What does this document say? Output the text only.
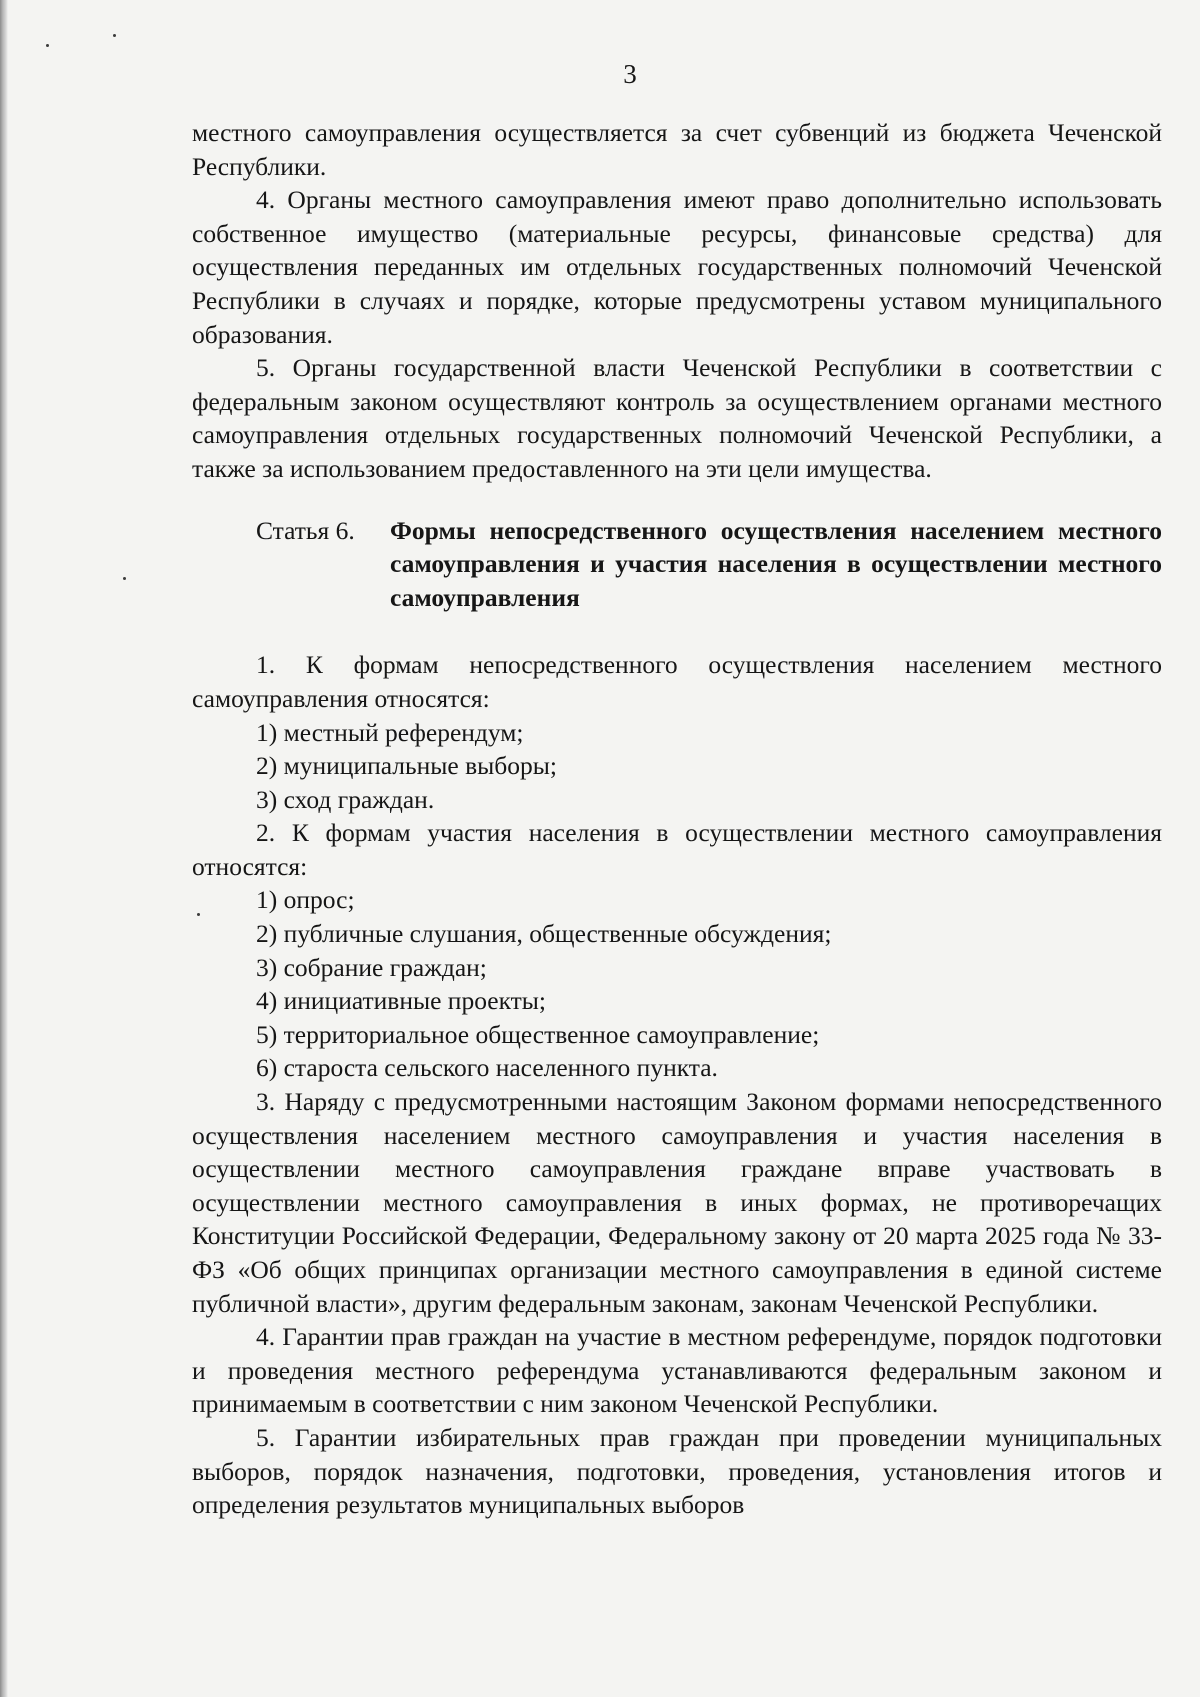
3

местного самоуправления осуществляется за счет субвенций из бюджета Чеченской Республики.

4. Органы местного самоуправления имеют право дополнительно использовать собственное имущество (материальные ресурсы, финансовые средства) для осуществления переданных им отдельных государственных полномочий Чеченской Республики в случаях и порядке, которые предусмотрены уставом муниципального образования.

5. Органы государственной власти Чеченской Республики в соответствии с федеральным законом осуществляют контроль за осуществлением органами местного самоуправления отдельных государственных полномочий Чеченской Республики, а также за использованием предоставленного на эти цели имущества.

Статья 6.	Формы непосредственного осуществления населением местного самоуправления и участия населения в осуществлении местного самоуправления

1. К формам непосредственного осуществления населением местного самоуправления относятся:

1) местный референдум;

2) муниципальные выборы;

3) сход граждан.

2. К формам участия населения в осуществлении местного самоуправления относятся:

1) опрос;

2) публичные слушания, общественные обсуждения;

3) собрание граждан;

4) инициативные проекты;

5) территориальное общественное самоуправление;

6) староста сельского населенного пункта.

3. Наряду с предусмотренными настоящим Законом формами непосредственного осуществления населением местного самоуправления и участия населения в осуществлении местного самоуправления граждане вправе участвовать в осуществлении местного самоуправления в иных формах, не противоречащих Конституции Российской Федерации, Федеральному закону от 20 марта 2025 года № 33-ФЗ «Об общих принципах организации местного самоуправления в единой системе публичной власти», другим федеральным законам, законам Чеченской Республики.

4. Гарантии прав граждан на участие в местном референдуме, порядок подготовки и проведения местного референдума устанавливаются федеральным законом и принимаемым в соответствии с ним законом Чеченской Республики.

5. Гарантии избирательных прав граждан при проведении муниципальных выборов, порядок назначения, подготовки, проведения, установления итогов и определения результатов муниципальных выборов
